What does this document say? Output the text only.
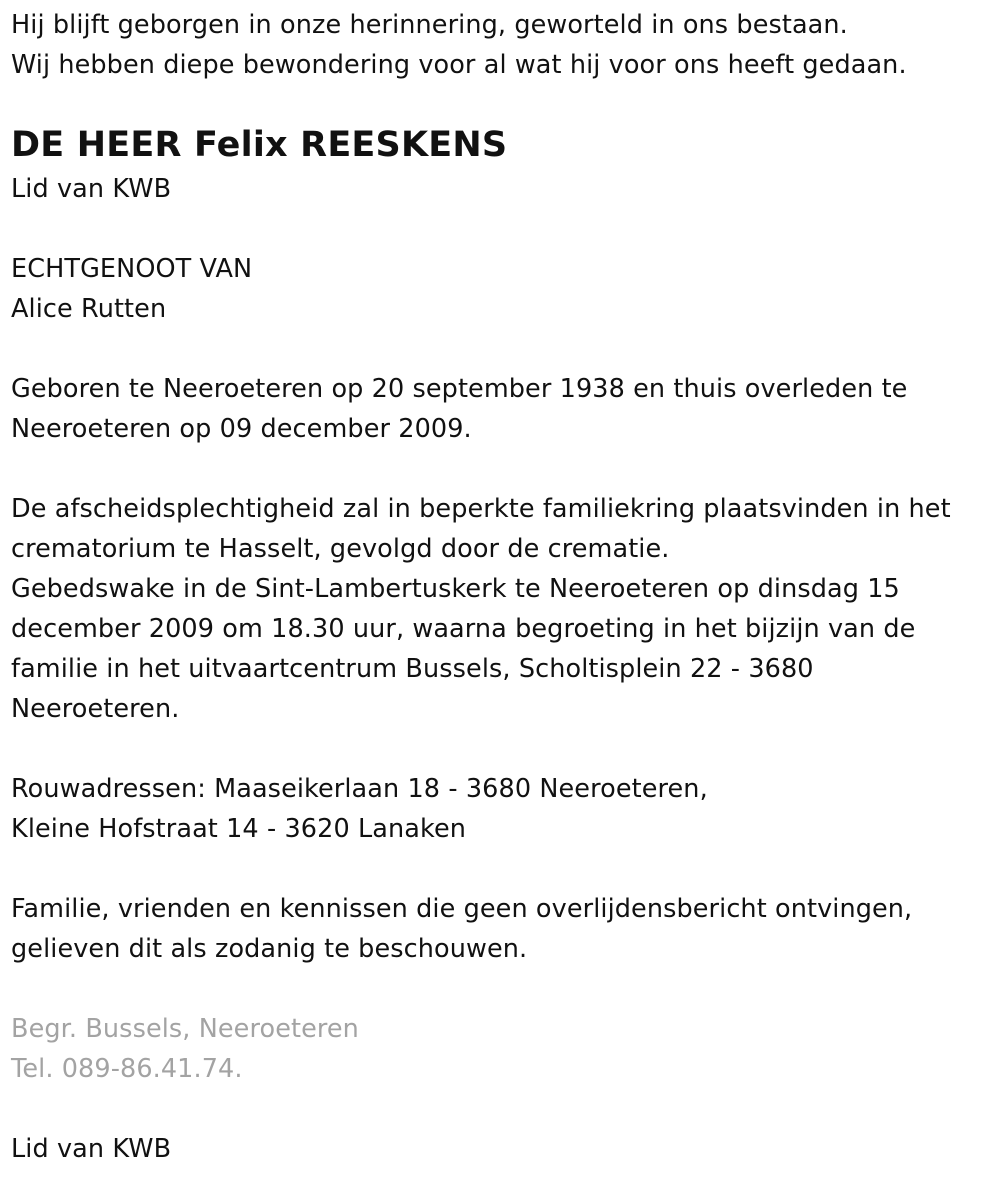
Hij blijft geborgen in onze herinnering, geworteld in ons bestaan.
Wij hebben diepe bewondering voor al wat hij voor ons heeft gedaan.
DE HEER Felix REESKENS
Lid van KWB
ECHTGENOOT VAN
Alice Rutten
Geboren te Neeroeteren op 20 september 1938 en thuis overleden te
Neeroeteren op 09 december 2009.
De afscheidsplechtigheid zal in beperkte familiekring plaatsvinden in het
crematorium te Hasselt, gevolgd door de crematie.
Gebedswake in de Sint-Lambertuskerk te Neeroeteren op dinsdag 15
december 2009 om 18.30 uur, waarna begroeting in het bijzijn van de
familie in het uitvaartcentrum Bussels, Scholtisplein 22 - 3680
Neeroeteren.
Rouwadressen: Maaseikerlaan 18 - 3680 Neeroeteren,
Kleine Hofstraat 14 - 3620 Lanaken
Familie, vrienden en kennissen die geen overlijdensbericht ontvingen,
gelieven dit als zodanig te beschouwen.
Begr. Bussels, Neeroeteren
Tel. 089-86.41.74.
Lid van KWB
